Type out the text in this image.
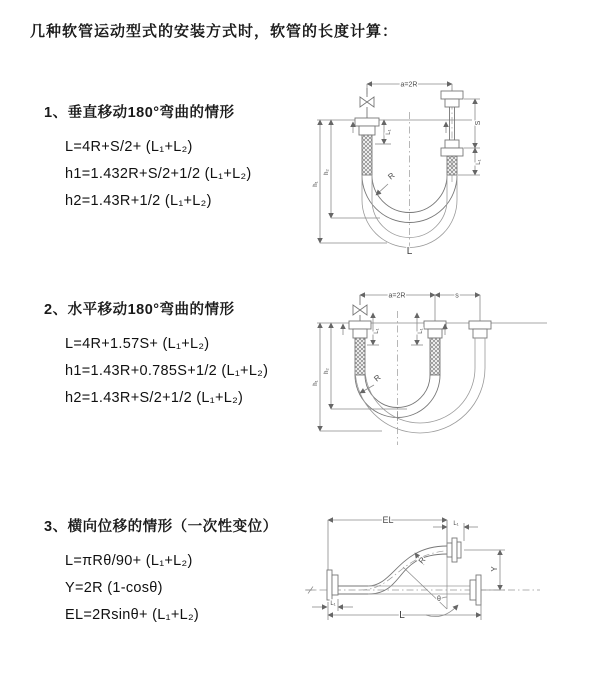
几种软管运动型式的安装方式时，软管的长度计算：
1、垂直移动180°弯曲的情形
L=4R+S/2+ (L₁+L₂)
h1=1.432R+S/2+1/2 (L₁+L₂)
h2=1.43R+1/2 (L₁+L₂)
2、水平移动180°弯曲的情形
L=4R+1.57S+ (L₁+L₂)
h1=1.43R+0.785S+1/2 (L₁+L₂)
h2=1.43R+S/2+1/2 (L₁+L₂)
3、横向位移的情形（一次性变位）
L=πRθ/90+ (L₁+L₂)
Y=2R (1-cosθ)
EL=2Rsinθ+ (L₁+L₂)
a=2R
L₁
S
L₁
h₁
h₂	R
L
a=2R	s
L₁	L₁
h₁
h₂
R
EL	L₁
θ
R
Y
L
L₁
